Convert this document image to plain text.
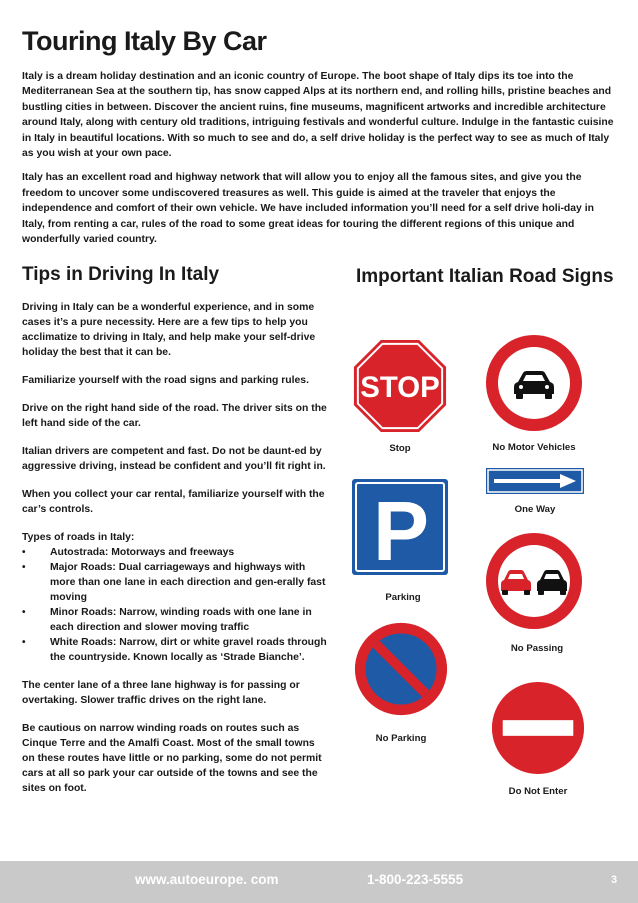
Touring Italy By Car

Italy is a dream holiday destination and an iconic country of Europe. The boot shape of Italy dips its toe into the Mediterranean Sea at the southern tip, has snow capped Alps at its northern end, and rolling hills, pristine beaches and bustling cities in between. Discover the ancient ruins, fine museums, magnificent artworks and incredible architecture around Italy, along with century old traditions, intriguing festivals and wonderful culture. Indulge in the fantastic cuisine in Italy in beautiful locations. With so much to see and do, a self drive holiday is the perfect way to see as much of Italy as you wish at your own pace.

Italy has an excellent road and highway network that will allow you to enjoy all the famous sites, and give you the freedom to uncover some undiscovered treasures as well. This guide is aimed at the traveler that enjoys the independence and comfort of their own vehicle. We have included information you’ll need for a self drive holi-day in Italy, from renting a car, rules of the road to some great ideas for touring the different regions of this unique and wonderfully varied country.

Tips in Driving In Italy

Driving in Italy can be a wonderful experience, and in some cases it’s a pure necessity. Here are a few tips to help you acclimatize to driving in Italy, and help make your self-drive holiday the best that it can be.

Familiarize yourself with the road signs and parking rules.

Drive on the right hand side of the road. The driver sits on the left hand side of the car.

Italian drivers are competent and fast. Do not be daunt-ed by aggressive driving, instead be confident and you’ll fit right in.

When you collect your car rental, familiarize yourself with the car’s controls.

Types of roads in Italy:
• Autostrada: Motorways and freeways
• Major Roads: Dual carriageways and highways with more than one lane in each direction and gen-erally fast moving
• Minor Roads: Narrow, winding roads with one lane in each direction and slower moving traffic
• White Roads: Narrow, dirt or white gravel roads through the countryside. Known locally as ‘Strade Bianche’.

The center lane of a three lane highway is for passing or overtaking. Slower traffic drives on the right lane.

Be cautious on narrow winding roads on routes such as Cinque Terre and the Amalfi Coast. Most of the small towns on these routes have little or no parking, some do not permit cars at all so park your car outside of the towns and see the sites on foot.

Important Italian Road Signs
STOP
Stop	No Motor Vehicles
One Way
P
Parking
No Passing
No Parking
Do Not Enter
www.autoeurope. com	1-800-223-5555	3
